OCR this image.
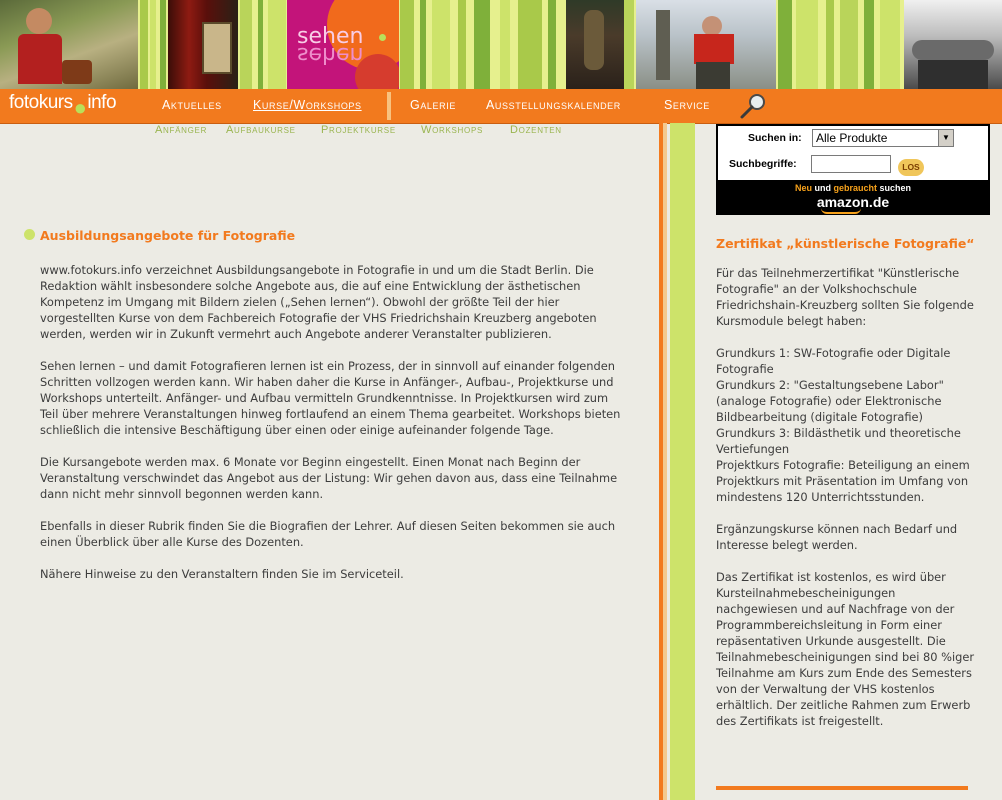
sehen
sehen
fotokurs●info	Aktuelles Kurse/Workshops	Galerie Ausstellungskalender	Service
Anfänger Aufbaukurse Projektkurse Workshops Dozenten
Ausbildungsangebote für Fotografie

www.fotokurs.info verzeichnet Ausbildungsangebote in Fotografie in und um die Stadt Berlin. Die Redaktion wählt insbesondere solche Angebote aus, die auf eine Entwicklung der ästhetischen Kompetenz im Umgang mit Bildern zielen („Sehen lernen“). Obwohl der größte Teil der hier vorgestellten Kurse von dem Fachbereich Fotografie der VHS Friedrichshain Kreuzberg angeboten werden, werden wir in Zukunft vermehrt auch Angebote anderer Veranstalter publizieren.

Sehen lernen – und damit Fotografieren lernen ist ein Prozess, der in sinnvoll auf einander folgenden Schritten vollzogen werden kann. Wir haben daher die Kurse in Anfänger-, Aufbau-, Projektkurse und Workshops unterteilt. Anfänger- und Aufbau vermitteln Grundkenntnisse. In Projektkursen wird zum Teil über mehrere Veranstaltungen hinweg fortlaufend an einem Thema gearbeitet. Workshops bieten schließlich die intensive Beschäftigung über einen oder einige aufeinander folgende Tage.

Die Kursangebote werden max. 6 Monate vor Beginn eingestellt. Einen Monat nach Beginn der Veranstaltung verschwindet das Angebot aus der Listung: Wir gehen davon aus, dass eine Teilnahme dann nicht mehr sinnvoll begonnen werden kann.

Ebenfalls in dieser Rubrik finden Sie die Biografien der Lehrer. Auf diesen Seiten bekommen sie auch einen Überblick über alle Kurse des Dozenten.

Nähere Hinweise zu den Veranstaltern finden Sie im Serviceteil.

Suchen in:	Alle Produkte	▼
Suchbegriffe:	LOS
Neu und gebraucht suchen
amazon.de
Zertifikat „künstlerische Fotografie“

Für das Teilnehmerzertifikat "Künstlerische Fotografie" an der Volkshochschule Friedrichshain-Kreuzberg sollten Sie folgende Kursmodule belegt haben:

Grundkurs 1: SW-Fotografie oder Digitale Fotografie
Grundkurs 2: "Gestaltungsebene Labor" (analoge Fotografie) oder Elektronische Bildbearbeitung (digitale Fotografie)
Grundkurs 3: Bildästhetik und theoretische Vertiefungen
Projektkurs Fotografie: Beteiligung an einem Projektkurs mit Präsentation im Umfang von mindestens 120 Unterrichtsstunden.

Ergänzungskurse können nach Bedarf und Interesse belegt werden.

Das Zertifikat ist kostenlos, es wird über Kursteilnahmebescheinigungen nachgewiesen und auf Nachfrage von der Programmbereichsleitung in Form einer repäsentativen Urkunde ausgestellt. Die Teilnahmebescheinigungen sind bei 80 %iger Teilnahme am Kurs zum Ende des Semesters von der Verwaltung der VHS kostenlos erhältlich. Der zeitliche Rahmen zum Erwerb des Zertifikats ist freigestellt.
